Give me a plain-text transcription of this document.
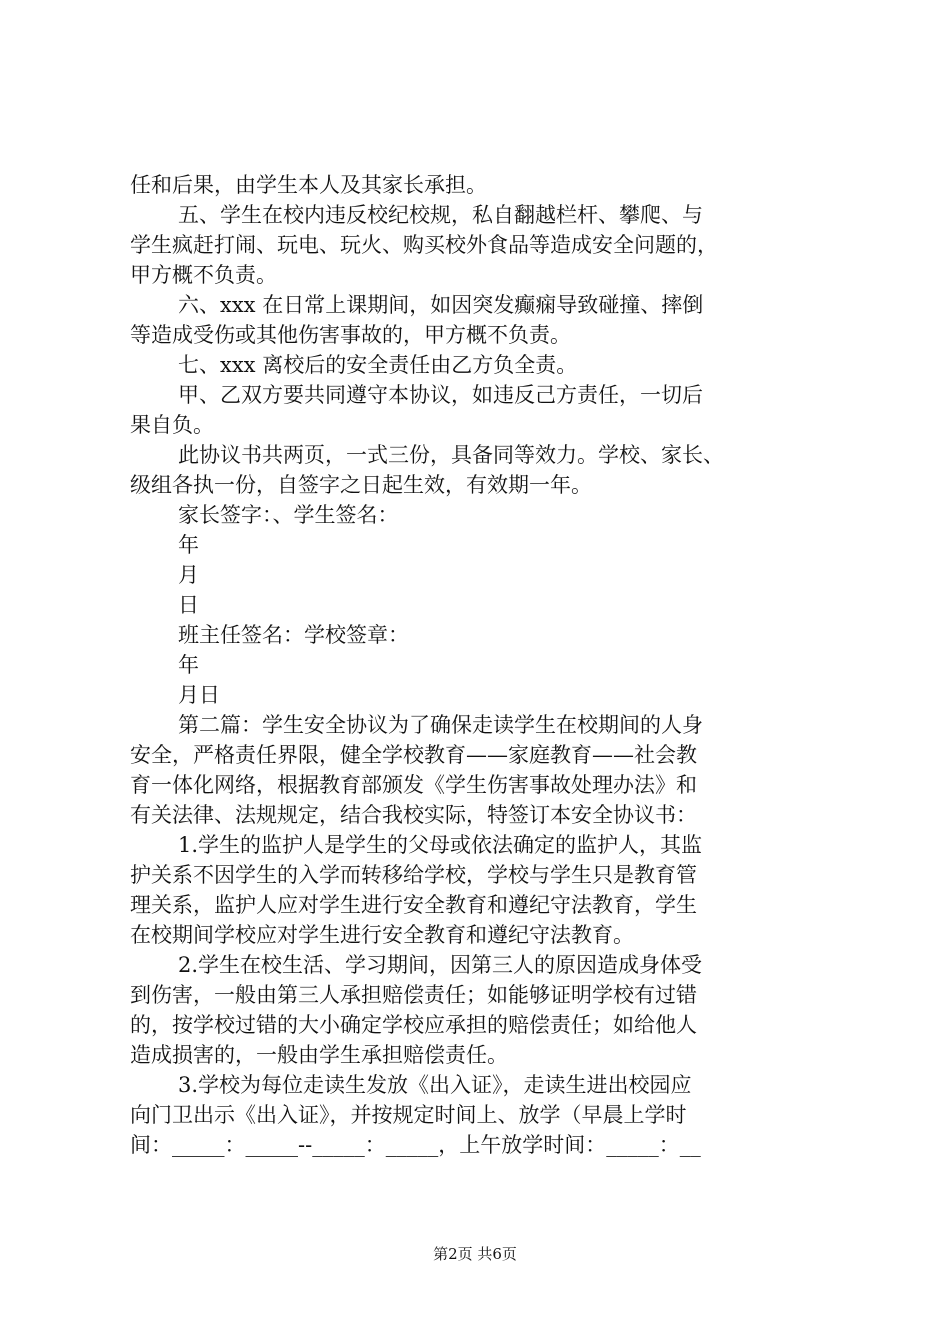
任和后果，由学生本人及其家长承担。
五、学生在校内违反校纪校规，私自翻越栏杆、攀爬、与
学生疯赶打闹、玩电、玩火、购买校外食品等造成安全问题的，
甲方概不负责。
六、xxx 在日常上课期间，如因突发癫痫导致碰撞、摔倒
等造成受伤或其他伤害事故的，甲方概不负责。
七、xxx 离校后的安全责任由乙方负全责。
甲、乙双方要共同遵守本协议，如违反己方责任，一切后
果自负。
此协议书共两页，一式三份，具备同等效力。学校、家长、
级组各执一份，自签字之日起生效，有效期一年。
家长签字：、学生签名：
年
月
日
班主任签名：学校签章：
年
月日
第二篇：学生安全协议为了确保走读学生在校期间的人身
安全，严格责任界限，健全学校教育——家庭教育——社会教
育一体化网络，根据教育部颁发《学生伤害事故处理办法》和
有关法律、法规规定，结合我校实际，特签订本安全协议书：
1.学生的监护人是学生的父母或依法确定的监护人，其监
护关系不因学生的入学而转移给学校，学校与学生只是教育管
理关系，监护人应对学生进行安全教育和遵纪守法教育，学生
在校期间学校应对学生进行安全教育和遵纪守法教育。
2.学生在校生活、学习期间，因第三人的原因造成身体受
到伤害，一般由第三人承担赔偿责任；如能够证明学校有过错
的，按学校过错的大小确定学校应承担的赔偿责任；如给他人
造成损害的，一般由学生承担赔偿责任。
3.学校为每位走读生发放《出入证》，走读生进出校园应
向门卫出示《出入证》，并按规定时间上、放学（早晨上学时
间：_____：_____--_____：_____，上午放学时间：_____：__
第2页 共6页
